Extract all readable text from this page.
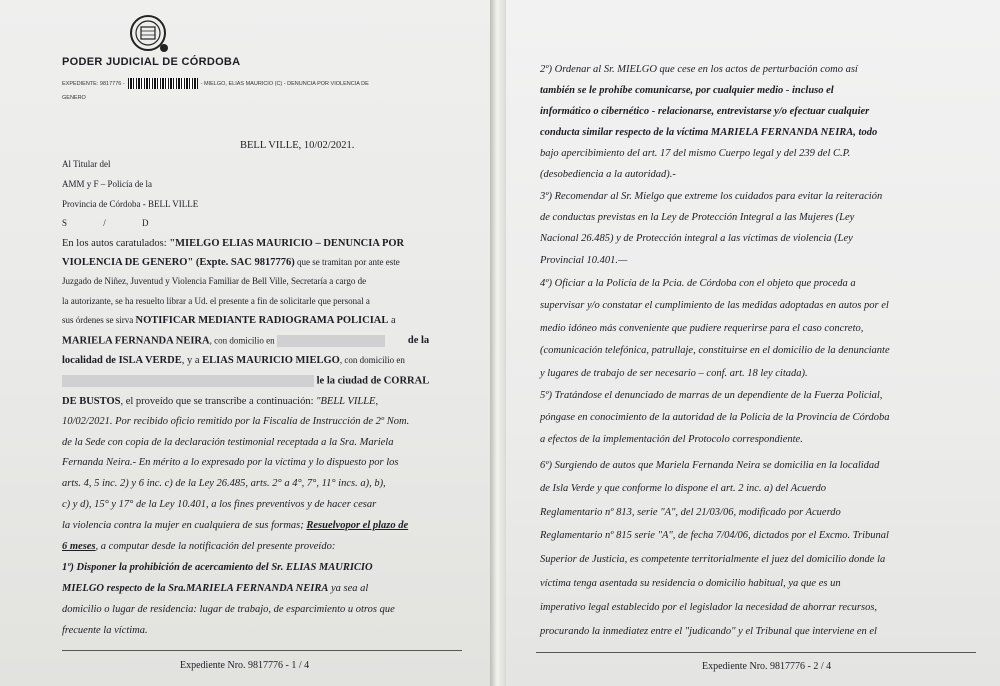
PODER JUDICIAL DE CÓRDOBA
EXPEDIENTE: 9817776 -	- MIELGO, ELIAS MAURICIO (C) - DENUNCIA POR VIOLENCIA DE
GENERO
BELL VILLE, 10/02/2021.
Al Titular del
AMM y F – Policía de la
Provincia de Córdoba - BELL VILLE
S	/	D
En los autos caratulados: "MIELGO ELIAS MAURICIO – DENUNCIA POR
VIOLENCIA DE GENERO" (Expte. SAC 9817776) que se tramitan por ante este
Juzgado de Niñez, Juventud y Violencia Familiar de Bell Ville, Secretaría a cargo de
la autorizante, se ha resuelto librar a Ud. el presente a fin de solicitarle que personal a
sus órdenes se sirva NOTIFICAR MEDIANTE RADIOGRAMA POLICIAL a
MARIELA FERNANDA NEIRA, con domicilio en	de la
localidad de ISLA VERDE, y a ELIAS MAURICIO MIELGO, con domicilio en
le la ciudad de CORRAL
DE BUSTOS, el proveído que se transcribe a continuación: "BELL VILLE,
10/02/2021. Por recibido oficio remitido por la Fiscalía de Instrucción de 2º Nom.
de la Sede con copia de la declaración testimonial receptada a la Sra. Mariela
Fernanda Neira.- En mérito a lo expresado por la víctima y lo dispuesto por los
arts. 4, 5 inc. 2) y 6 inc. c) de la Ley 26.485, arts. 2° a 4°, 7°, 11° incs. a), b),
c) y d), 15° y 17° de la Ley 10.401, a los fines preventivos y de hacer cesar
la violencia contra la mujer en cualquiera de sus formas; Resuelvopor el plazo de
6 meses, a computar desde la notificación del presente proveído:
1º) Disponer la prohibición de acercamiento del Sr. ELIAS MAURICIO
MIELGO respecto de la Sra.MARIELA FERNANDA NEIRA ya sea al
domicilio o lugar de residencia: lugar de trabajo, de esparcimiento u otros que
frecuente la víctima.
Expediente Nro. 9817776 - 1 / 4
2º) Ordenar al Sr. MIELGO que cese en los actos de perturbación como así
también se le prohíbe comunicarse, por cualquier medio - incluso el
informático o cibernético - relacionarse, entrevistarse y/o efectuar cualquier
conducta similar respecto de la víctima MARIELA FERNANDA NEIRA, todo
bajo apercibimiento del art. 17 del mismo Cuerpo legal y del 239 del C.P.
(desobediencia a la autoridad).-
3º) Recomendar al Sr. Mielgo que extreme los cuidados para evitar la reiteración
de conductas previstas en la Ley de Protección Integral a las Mujeres (Ley
Nacional 26.485) y de Protección integral a las víctimas de violencia (Ley
Provincial 10.401.—
4º) Oficiar a la Policía de la Pcia. de Córdoba con el objeto que proceda a
supervisar y/o constatar el cumplimiento de las medidas adoptadas en autos por el
medio idóneo más conveniente que pudiere requerirse para el caso concreto,
(comunicación telefónica, patrullaje, constituirse en el domicilio de la denunciante
y lugares de trabajo de ser necesario – conf. art. 18 ley citada).
5º) Tratándose el denunciado de marras de un dependiente de la Fuerza Policial,
póngase en conocimiento de la autoridad de la Policía de la Provincia de Córdoba
a efectos de la implementación del Protocolo correspondiente.
6º) Surgiendo de autos que Mariela Fernanda Neira se domicilia en la localidad
de Isla Verde y que conforme lo dispone el art. 2 inc. a) del Acuerdo
Reglamentario nº 813, serie "A", del 21/03/06, modificado por Acuerdo
Reglamentario nº 815 serie "A", de fecha 7/04/06, dictados por el Excmo. Tribunal
Superior de Justicia, es competente territorialmente el juez del domicilio donde la
víctima tenga asentada su residencia o domicilio habitual, ya que es un
imperativo legal establecido por el legislador la necesidad de ahorrar recursos,
procurando la inmediatez entre el "judicando" y el Tribunal que interviene en el
Expediente Nro. 9817776 - 2 / 4
